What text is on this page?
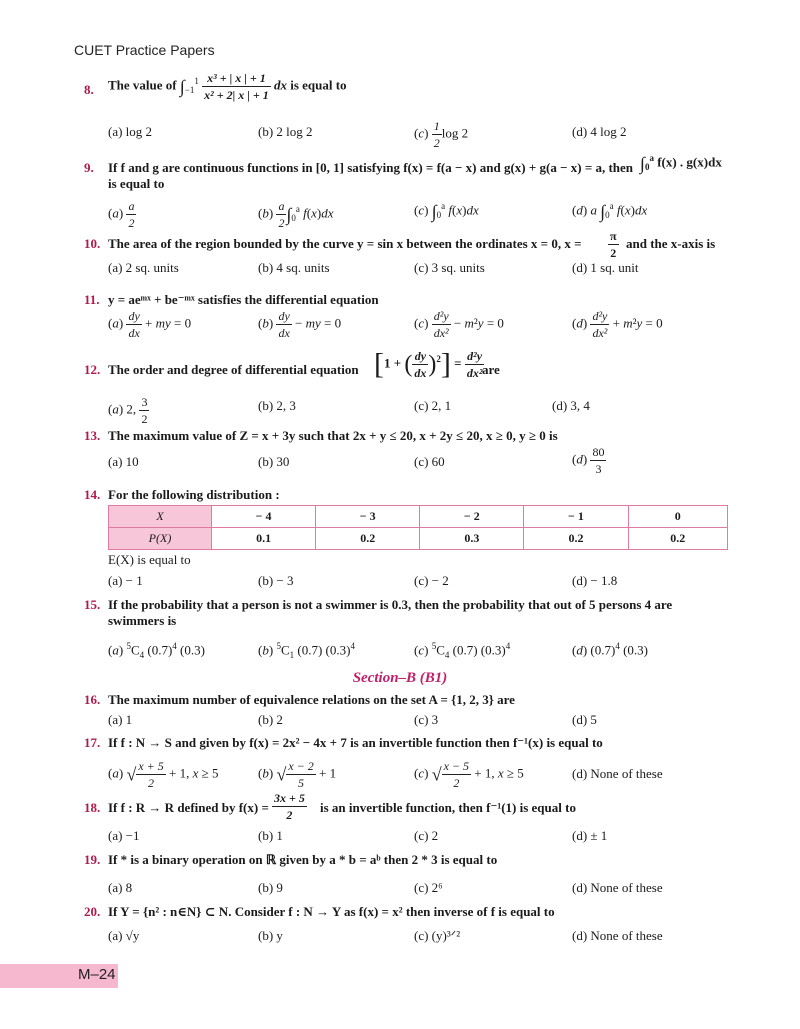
CUET Practice Papers
8. The value of $\int_{-1}^1 \frac{\text{x³ + | x | + 1}}{\text{x² + 2| x | + 1}}$ dx is equal to
(a) log 2	(b) 2 log 2	$(c) \frac{1}{2}$ log 2	(d) 4 log 2
9. If f and g are continuous functions in [0, 1] satisfying f(x) = f(a − x) and g(x) + g(a − x) = a, then $\int_0^a$ f(x) . g(x)dx
is equal to
$(a) \frac{a}{2}$	$(b) \frac{a}{2} \int_0^a$ f(x)dx	(c) $\int_0^a$ f(x)dx	(d) a $\int_0^a$ f(x)dx
10. The area of the region bounded by the curve y = sin x between the ordinates x = 0, $x = \frac{\pi}{2}$ and the x-axis is
(a) 2 sq. units	(b) 4 sq. units	(c) 3 sq. units	(d) 1 sq. unit
11. y = aeᵐˣ + be⁻ᵐˣ satisfies the differential equation
$(a) \frac{dy}{dx}$ + my = 0	$(b) \frac{dy}{dx}$ − my = 0	$(c) \frac{\text{d²y}}{\text{dx²}} - m^2y = 0$	$(d) \frac{\text{d²y}}{\text{dx²}} + m^2y = 0$
12. The order and degree of differential equation [1 + ( $\frac{dy}{dx} )^2] = \frac{\text{d²y}}{\text{dx²}}$
are
(a) 2, $\frac{3}{2}$	(b) 2, 3	(c) 2, 1	(d) 3, 4
13. The maximum value of Z = x + 3y such that 2x + y ≤ 20, x + 2y ≤ 20, x ≥ 0, y ≥ 0 is
(a) 10	(b) 30	(c) 60	$(d) \frac{80}{3}$
14. For the following distribution :
X	− 4	− 3	− 2	− 1	0
P(X)	0.1	0.2	0.3	0.2	0.2
E(X) is equal to
(a) − 1	(b) − 3	(c) − 2	(d) − 1.8
15. If the probability that a person is not a swimmer is 0.3, then the probability that out of 5 persons 4 are
swimmers is
(a) $^5C_4$ $(0.7)^4$ (0.3)	(b) $^5C_1$ (0.7) $(0.3)^4$	(c) $^5C_4$ (0.7) $(0.3)^4$	(d) $(0.7)^4$ (0.3)
Section–B (B1)
16. The maximum number of equivalence relations on the set A = {1, 2, 3} are
(a) 1	(b) 2	(c) 3	(d) 5
17. If f : N → S and given by f(x) = 2x² − 4x + 7 is an invertible function then f⁻¹(x) is equal to
(a) √ $\frac{x + 5}{2} + 1$, x ≥ 5	(b) √ $\frac{x - 2}{5} + 1$	(c) √ $\frac{x - 5}{2} + 1$, x ≥ 5	(d) None of these
18. If f : R → R defined by $f(x) = \frac{3x + 5}{2}$ is an invertible function, then f⁻¹(1) is equal to
(a) −1	(b) 1	(c) 2	(d) ± 1
19. If * is a binary operation on ℝ given by a * b = aᵇ then 2 * 3 is equal to
(a) 8	(b) 9	(c) 2⁶	(d) None of these
20. If Y = {n² : n∈N} ⊂ N. Consider f : N → Y as f(x) = x² then inverse of f is equal to
(a) √y	(b) y	(c) (y)³ᐟ²	(d) None of these
M–24
